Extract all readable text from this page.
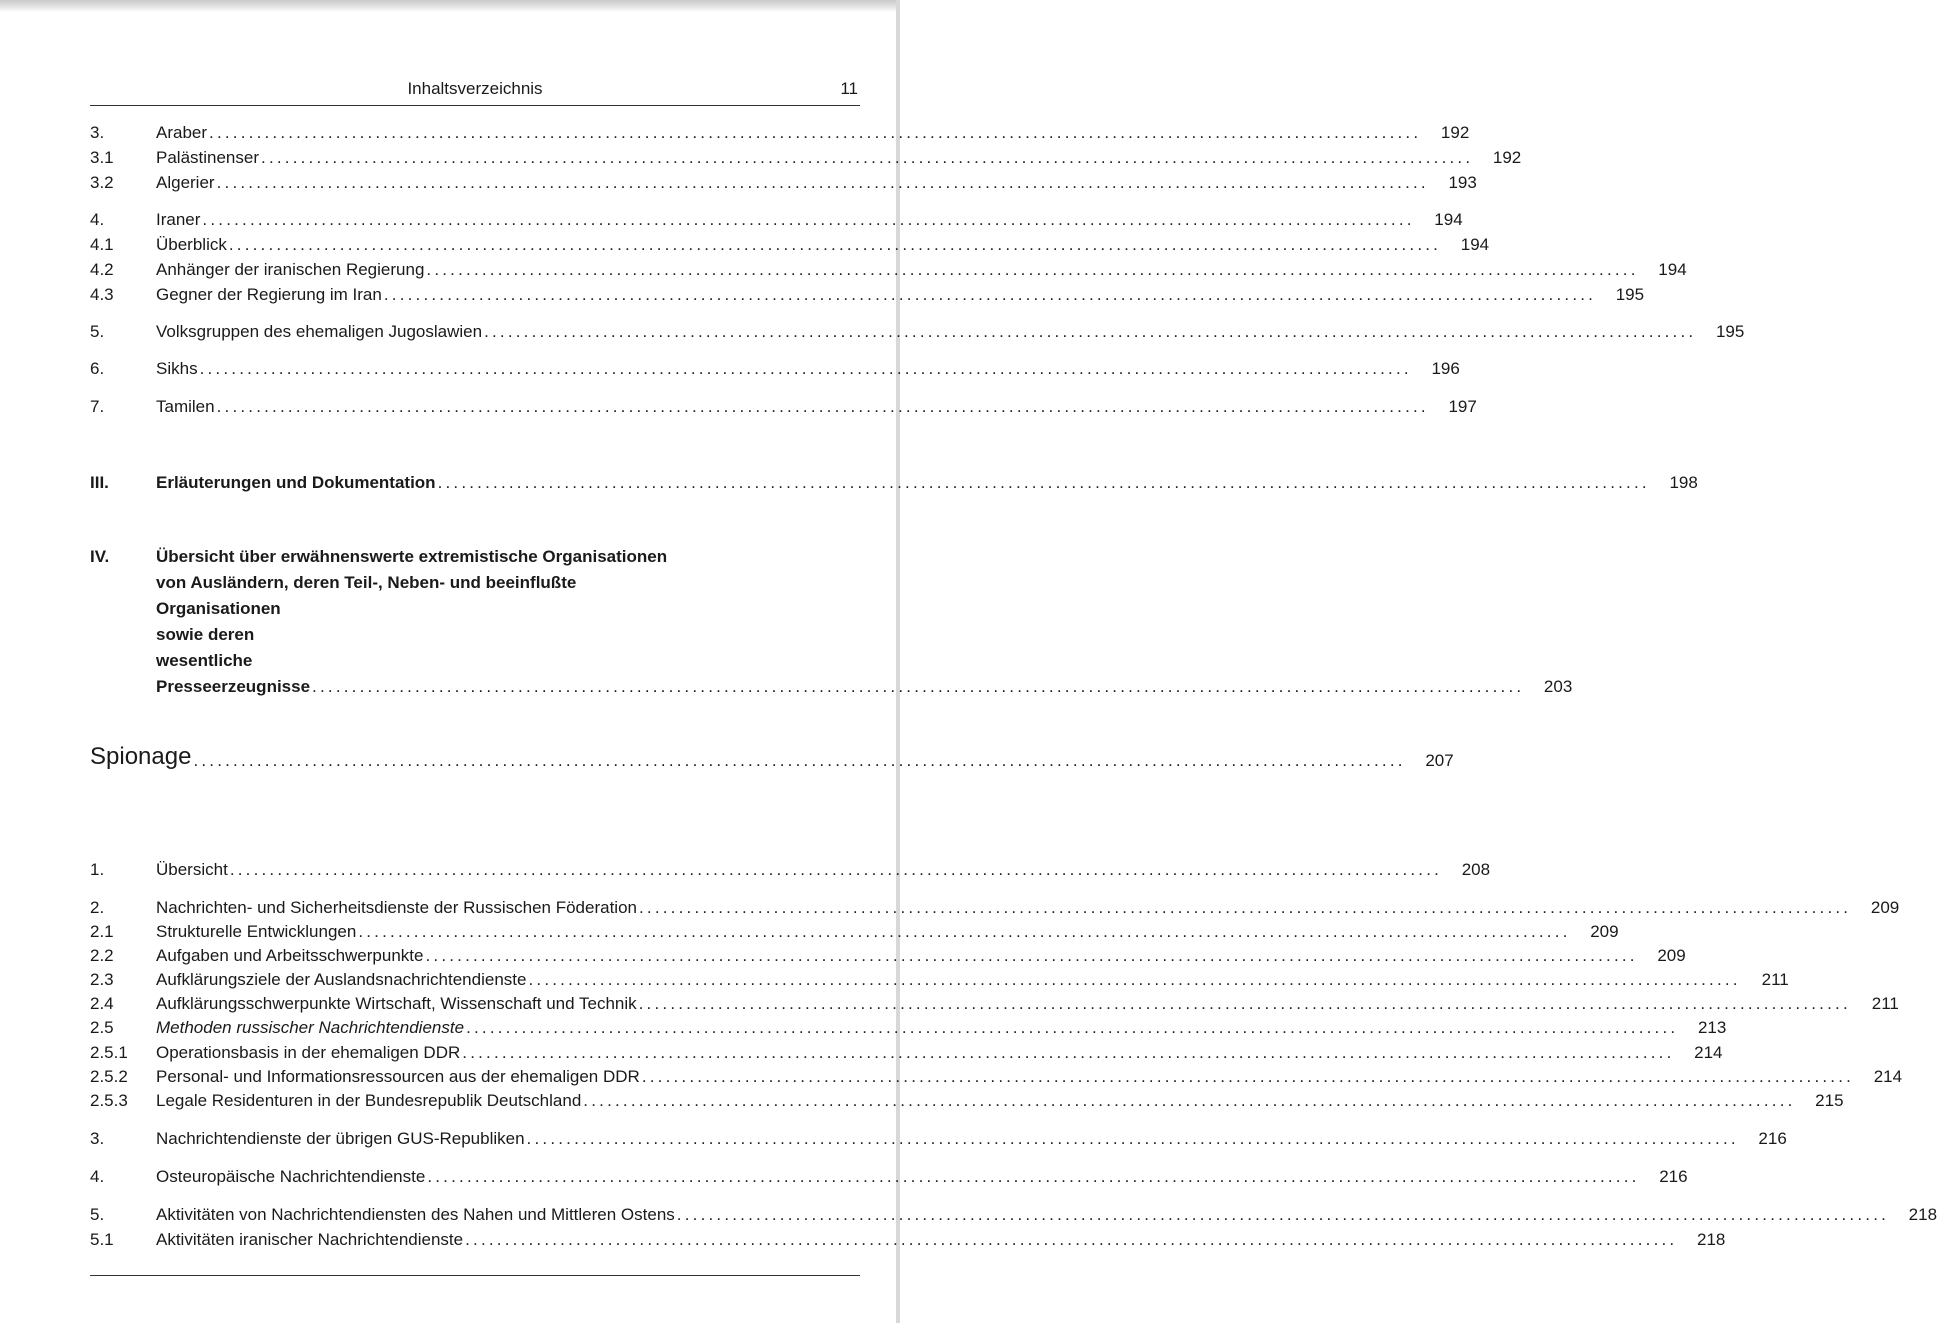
Inhaltsverzeichnis	11
3.	Araber .........................................................................................................................................................	192
3.1	Palästinenser .........................................................................................................................................................	192
3.2	Algerier .........................................................................................................................................................	193
4.	Iraner .........................................................................................................................................................	194
4.1	Überblick .........................................................................................................................................................	194
4.2	Anhänger der iranischen Regierung .........................................................................................................................................................	194
4.3	Gegner der Regierung im Iran .........................................................................................................................................................	195
5.	Volksgruppen des ehemaligen Jugoslawien .........................................................................................................................................................	195
6.	Sikhs .........................................................................................................................................................	196
7.	Tamilen .........................................................................................................................................................	197
III.	Erläuterungen und Dokumentation .........................................................................................................................................................	198
IV.	Übersicht über erwähnenswerte extremistische Organisationen
von Ausländern, deren Teil-, Neben- und beeinflußte
Organisationen sowie deren wesentliche Presseerzeugnisse .........................................................................................................................................................	203
Spionage .........................................................................................................................................................	207
1.	Übersicht .........................................................................................................................................................	208
2.	Nachrichten- und Sicherheitsdienste der Russischen Föderation .........................................................................................................................................................	209
2.1	Strukturelle Entwicklungen .........................................................................................................................................................	209
2.2	Aufgaben und Arbeitsschwerpunkte .........................................................................................................................................................	209
2.3	Aufklärungsziele der Auslandsnachrichtendienste .........................................................................................................................................................	211
2.4	Aufklärungsschwerpunkte Wirtschaft, Wissenschaft und Technik .........................................................................................................................................................	211
2.5	Methoden russischer Nachrichtendienste .........................................................................................................................................................	213
2.5.1	Operationsbasis in der ehemaligen DDR .........................................................................................................................................................	214
2.5.2	Personal- und Informationsressourcen aus der ehemaligen DDR .........................................................................................................................................................	214
2.5.3	Legale Residenturen in der Bundesrepublik Deutschland .........................................................................................................................................................	215
3.	Nachrichtendienste der übrigen GUS-Republiken .........................................................................................................................................................	216
4.	Osteuropäische Nachrichtendienste .........................................................................................................................................................	216
5.	Aktivitäten von Nachrichtendiensten des Nahen und Mittleren Ostens .........................................................................................................................................................	218
5.1	Aktivitäten iranischer Nachrichtendienste .........................................................................................................................................................	218
